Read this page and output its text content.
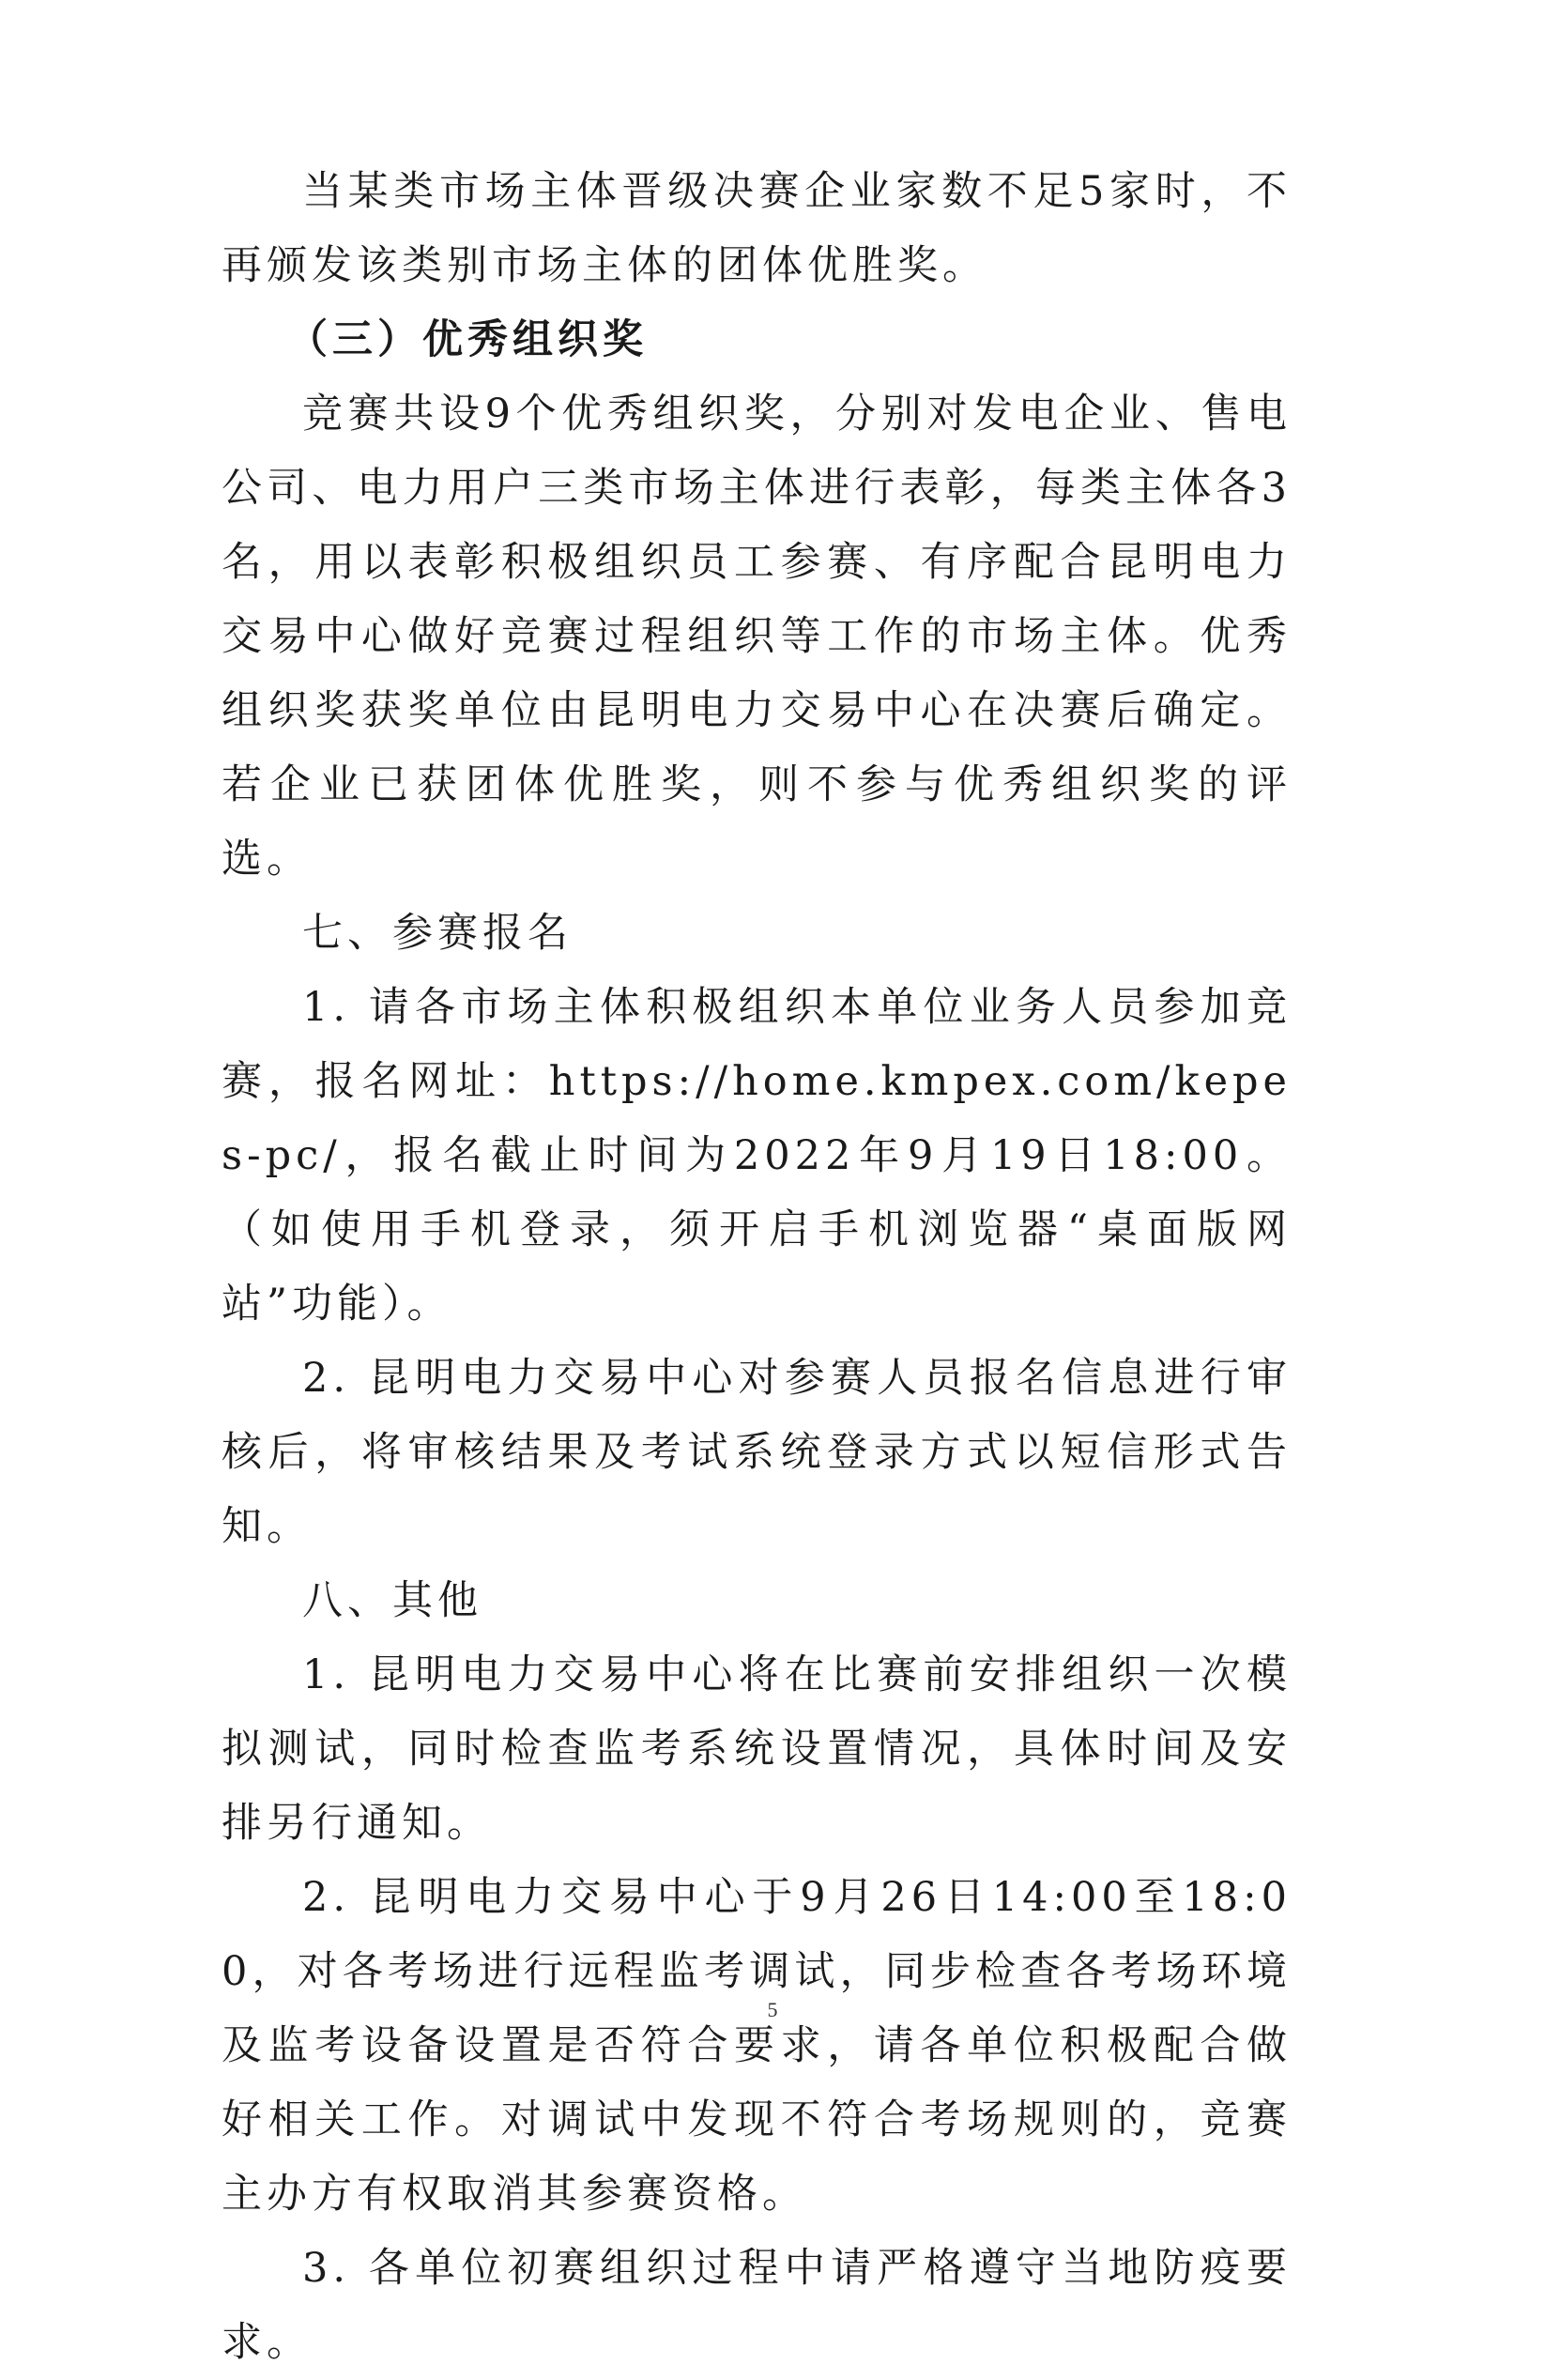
当某类市场主体晋级决赛企业家数不足5家时，不再颁发该类别市场主体的团体优胜奖。

（三）优秀组织奖

竞赛共设9个优秀组织奖，分别对发电企业、售电公司、电力用户三类市场主体进行表彰，每类主体各3名，用以表彰积极组织员工参赛、有序配合昆明电力交易中心做好竞赛过程组织等工作的市场主体。优秀组织奖获奖单位由昆明电力交易中心在决赛后确定。若企业已获团体优胜奖，则不参与优秀组织奖的评选。

七、参赛报名

1. 请各市场主体积极组织本单位业务人员参加竞赛，报名网址：https://home.kmpex.com/kepes-pc/，报名截止时间为2022年9月19日18:00。（如使用手机登录，须开启手机浏览器“桌面版网站”功能）。

2. 昆明电力交易中心对参赛人员报名信息进行审核后，将审核结果及考试系统登录方式以短信形式告知。

八、其他

1. 昆明电力交易中心将在比赛前安排组织一次模拟测试，同时检查监考系统设置情况，具体时间及安排另行通知。

2. 昆明电力交易中心于9月26日14:00至18:00，对各考场进行远程监考调试，同步检查各考场环境及监考设备设置是否符合要求，请各单位积极配合做好相关工作。对调试中发现不符合考场规则的，竞赛主办方有权取消其参赛资格。

3. 各单位初赛组织过程中请严格遵守当地防疫要求。

5
